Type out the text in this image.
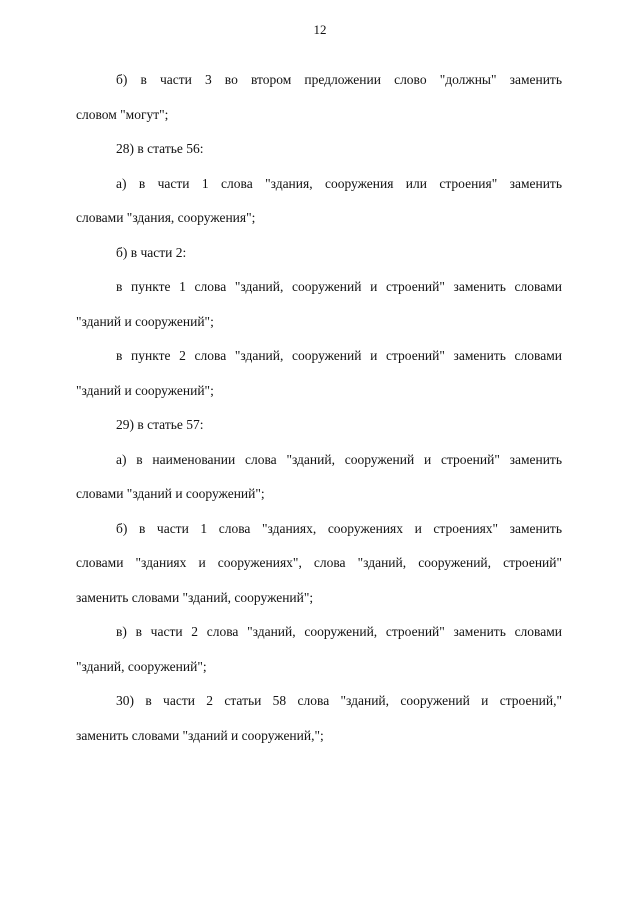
12

б) в части 3 во втором предложении слово "должны" заменить
словом "могут";

28) в статье 56:

а) в части 1 слова "здания, сооружения или строения" заменить
словами "здания, сооружения";

б) в части 2:

в пункте 1 слова "зданий, сооружений и строений" заменить словами
"зданий и сооружений";

в пункте 2 слова "зданий, сооружений и строений" заменить словами
"зданий и сооружений";

29) в статье 57:

а) в наименовании слова "зданий, сооружений и строений" заменить
словами "зданий и сооружений";

б) в части 1 слова "зданиях, сооружениях и строениях" заменить
словами "зданиях и сооружениях", слова "зданий, сооружений, строений"
заменить словами "зданий, сооружений";

в) в части 2 слова "зданий, сооружений, строений" заменить словами
"зданий, сооружений";

30) в части 2 статьи 58 слова "зданий, сооружений и строений,"
заменить словами "зданий и сооружений,";
